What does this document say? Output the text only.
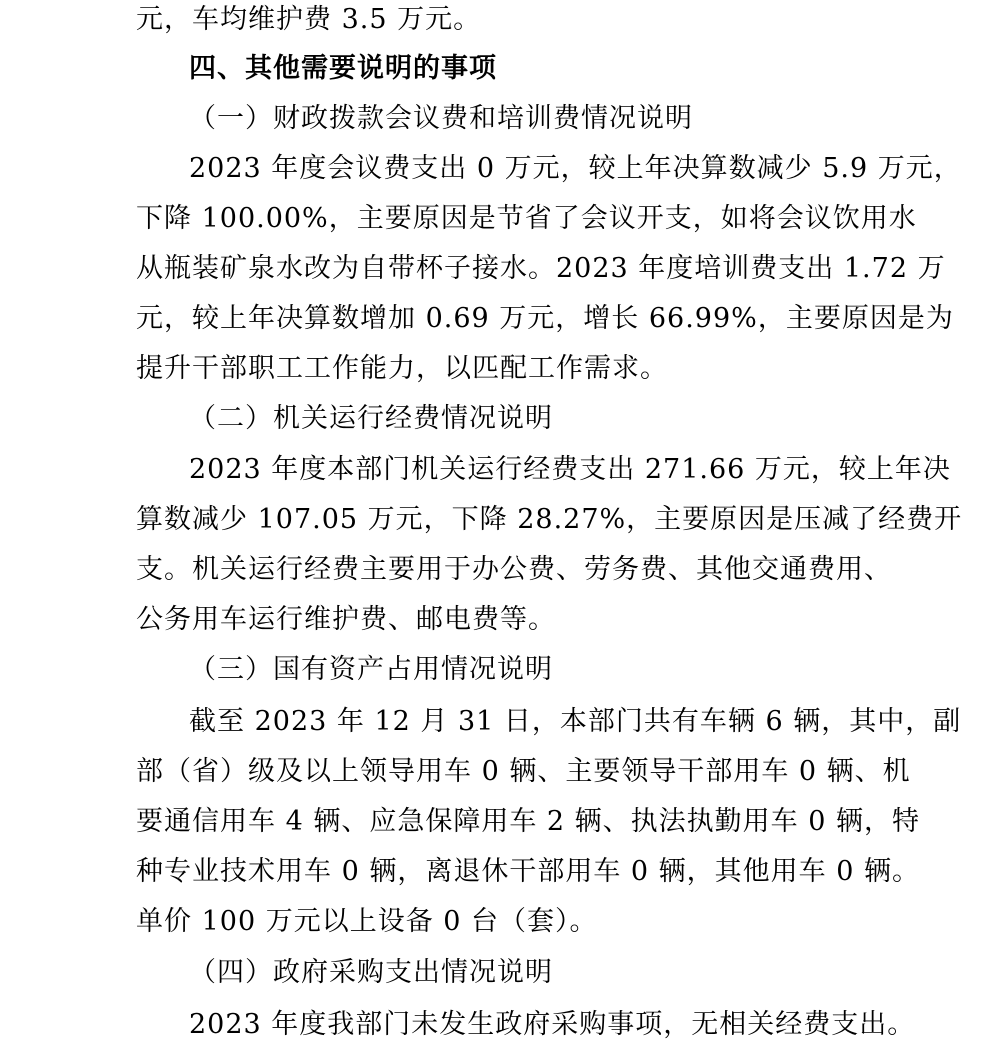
元，车均维护费 3.5 万元。
四、其他需要说明的事项
（一）财政拨款会议费和培训费情况说明
2023 年度会议费支出 0 万元，较上年决算数减少 5.9 万元，
下降 100.00%，主要原因是节省了会议开支，如将会议饮用水
从瓶装矿泉水改为自带杯子接水。2023 年度培训费支出 1.72 万
元，较上年决算数增加 0.69 万元，增长 66.99%，主要原因是为
提升干部职工工作能力，以匹配工作需求。
（二）机关运行经费情况说明
2023 年度本部门机关运行经费支出 271.66 万元，较上年决
算数减少 107.05 万元，下降 28.27%，主要原因是压减了经费开
支。机关运行经费主要用于办公费、劳务费、其他交通费用、
公务用车运行维护费、邮电费等。
（三）国有资产占用情况说明
截至 2023 年 12 月 31 日，本部门共有车辆 6 辆，其中，副
部（省）级及以上领导用车 0 辆、主要领导干部用车 0 辆、机
要通信用车 4 辆、应急保障用车 2 辆、执法执勤用车 0 辆，特
种专业技术用车 0 辆，离退休干部用车 0 辆，其他用车 0 辆。
单价 100 万元以上设备 0 台（套）。
（四）政府采购支出情况说明
2023 年度我部门未发生政府采购事项，无相关经费支出。
